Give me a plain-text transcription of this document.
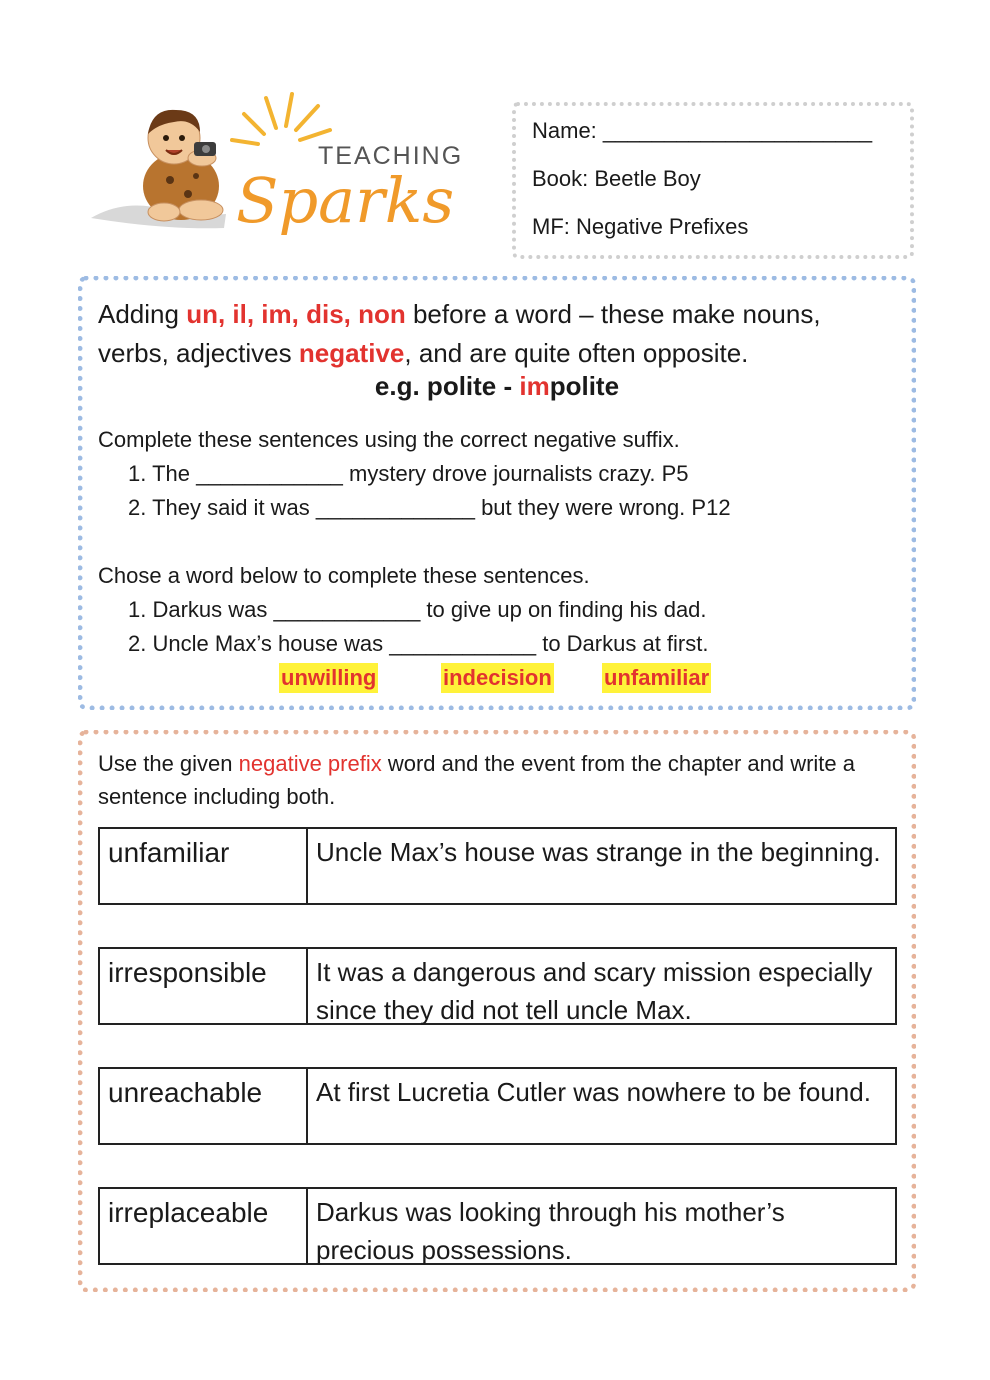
TEACHING
Sparks
Name: ______________________
Book: Beetle Boy
MF: Negative Prefixes
Adding un, il, im, dis, non before a word – these make nouns, verbs, adjectives negative, and are quite often opposite.
e.g. polite - impolite
Complete these sentences using the correct negative suffix.
1. The ____________ mystery drove journalists crazy. P5
2. They said it was _____________ but they were wrong. P12
Chose a word below to complete these sentences.
1. Darkus was ____________ to give up on finding his dad.
2. Uncle Max’s house was ____________ to Darkus at first.
unwilling	indecision unfamiliar
Use the given negative prefix word and the event from the chapter and write a sentence including both.
unfamiliar	Uncle Max’s house was strange in the beginning.
irresponsible	It was a dangerous and scary mission especially since they did not tell uncle Max.
unreachable	At first Lucretia Cutler was nowhere to be found.
irreplaceable	Darkus was looking through his mother’s precious possessions.
